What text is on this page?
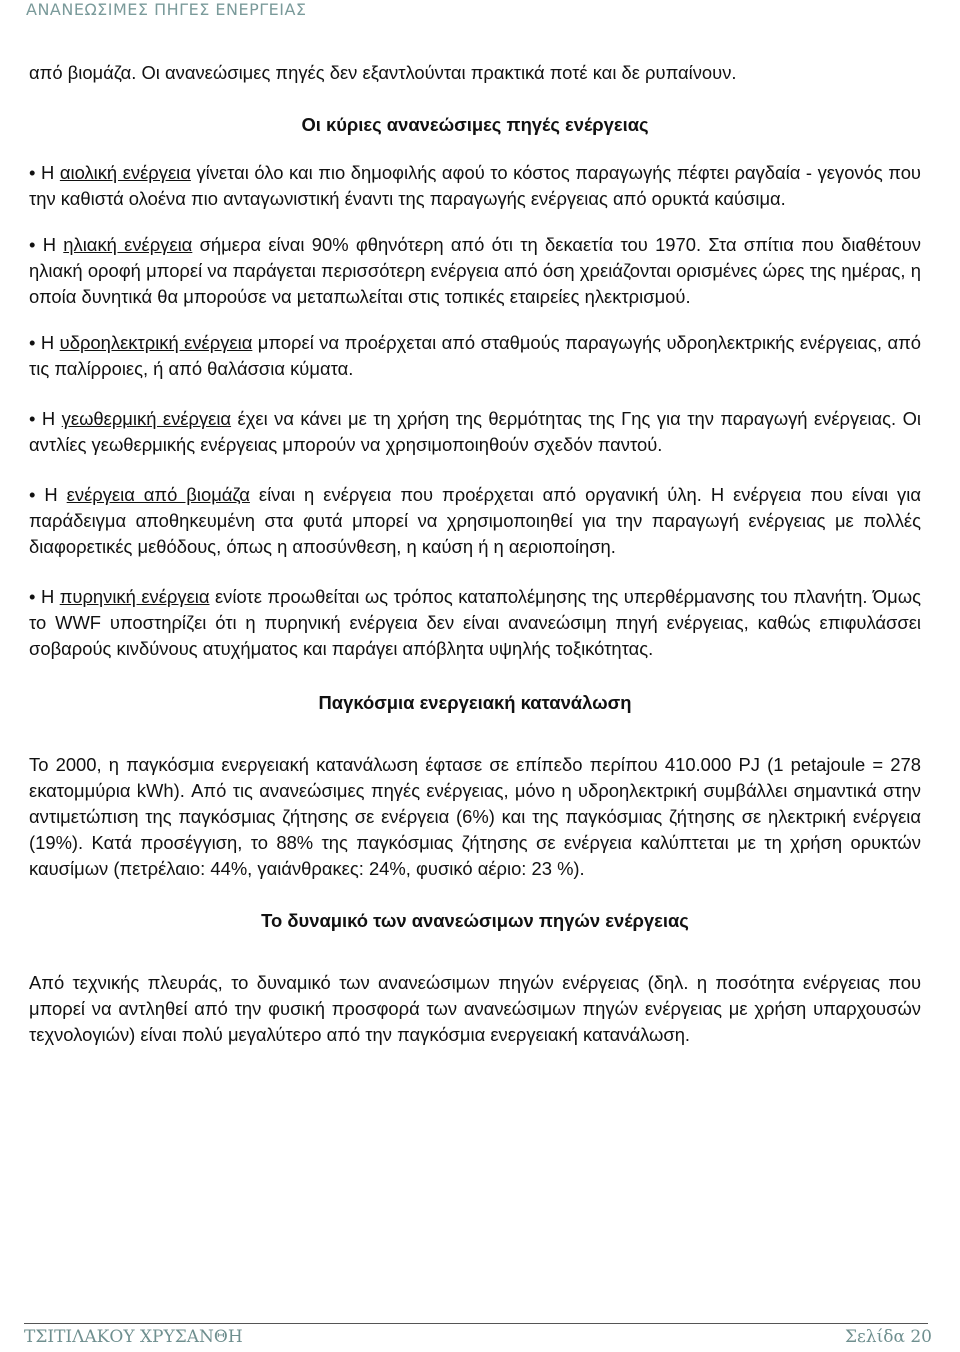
ΑΝΑΝΕΩΣΙΜΕΣ ΠΗΓΕΣ ΕΝΕΡΓΕΙΑΣ

από βιομάζα. Οι ανανεώσιμες πηγές δεν εξαντλούνται πρακτικά ποτέ και δε ρυπαίνουν.

Οι κύριες ανανεώσιμες πηγές ενέργειας

• Η αιολική ενέργεια γίνεται όλο και πιο δημοφιλής αφού το κόστος παραγωγής πέφτει ραγδαία - γεγονός που την καθιστά ολοένα πιο ανταγωνιστική έναντι της παραγωγής ενέργειας από ορυκτά καύσιμα.

• Η ηλιακή ενέργεια σήμερα είναι 90% φθηνότερη από ότι τη δεκαετία του 1970. Στα σπίτια που διαθέτουν ηλιακή οροφή μπορεί να παράγεται περισσότερη ενέργεια από όση χρειάζονται ορισμένες ώρες της ημέρας, η οποία δυνητικά θα μπορούσε να μεταπωλείται στις τοπικές εταιρείες ηλεκτρισμού.

• Η υδροηλεκτρική ενέργεια μπορεί να προέρχεται από σταθμούς παραγωγής υδροηλεκτρικής ενέργειας, από τις παλίρροιες, ή από θαλάσσια κύματα.

• Η γεωθερμική ενέργεια έχει να κάνει με τη χρήση της θερμότητας της Γης για την παραγωγή ενέργειας. Οι αντλίες γεωθερμικής ενέργειας μπορούν να χρησιμοποιηθούν σχεδόν παντού.

• Η ενέργεια από βιομάζα είναι η ενέργεια που προέρχεται από οργανική ύλη. Η ενέργεια που είναι για παράδειγμα αποθηκευμένη στα φυτά μπορεί να χρησιμοποιηθεί για την παραγωγή ενέργειας με πολλές διαφορετικές μεθόδους, όπως η αποσύνθεση, η καύση ή η αεριοποίηση.

• Η πυρηνική ενέργεια ενίοτε προωθείται ως τρόπος καταπολέμησης της υπερθέρμανσης του πλανήτη. Όμως το WWF υποστηρίζει ότι η πυρηνική ενέργεια δεν είναι ανανεώσιμη πηγή ενέργειας, καθώς επιφυλάσσει σοβαρούς κινδύνους ατυχήματος και παράγει απόβλητα υψηλής τοξικότητας.

Παγκόσμια ενεργειακή κατανάλωση

Το 2000, η παγκόσμια ενεργειακή κατανάλωση έφτασε σε επίπεδο περίπου 410.000 PJ (1 petajoule = 278 εκατομμύρια kWh). Από τις ανανεώσιμες πηγές ενέργειας, μόνο η υδροηλεκτρική συμβάλλει σημαντικά στην αντιμετώπιση της παγκόσμιας ζήτησης σε ενέργεια (6%) και της παγκόσμιας ζήτησης σε ηλεκτρική ενέργεια (19%). Κατά προσέγγιση, το 88% της παγκόσμιας ζήτησης σε ενέργεια καλύπτεται με τη χρήση ορυκτών καυσίμων (πετρέλαιο: 44%, γαιάνθρακες: 24%, φυσικό αέριο: 23 %).

Το δυναμικό των ανανεώσιμων πηγών ενέργειας

Από τεχνικής πλευράς, το δυναμικό των ανανεώσιμων πηγών ενέργειας (δηλ. η ποσότητα ενέργειας που μπορεί να αντληθεί από την φυσική προσφορά των ανανεώσιμων πηγών ενέργειας με χρήση υπαρχουσών τεχνολογιών) είναι πολύ μεγαλύτερο από την παγκόσμια ενεργειακή κατανάλωση.

ΤΣΙΤΙΛΑΚΟΥ ΧΡΥΣΑΝΘΗ	Σελίδα 20
